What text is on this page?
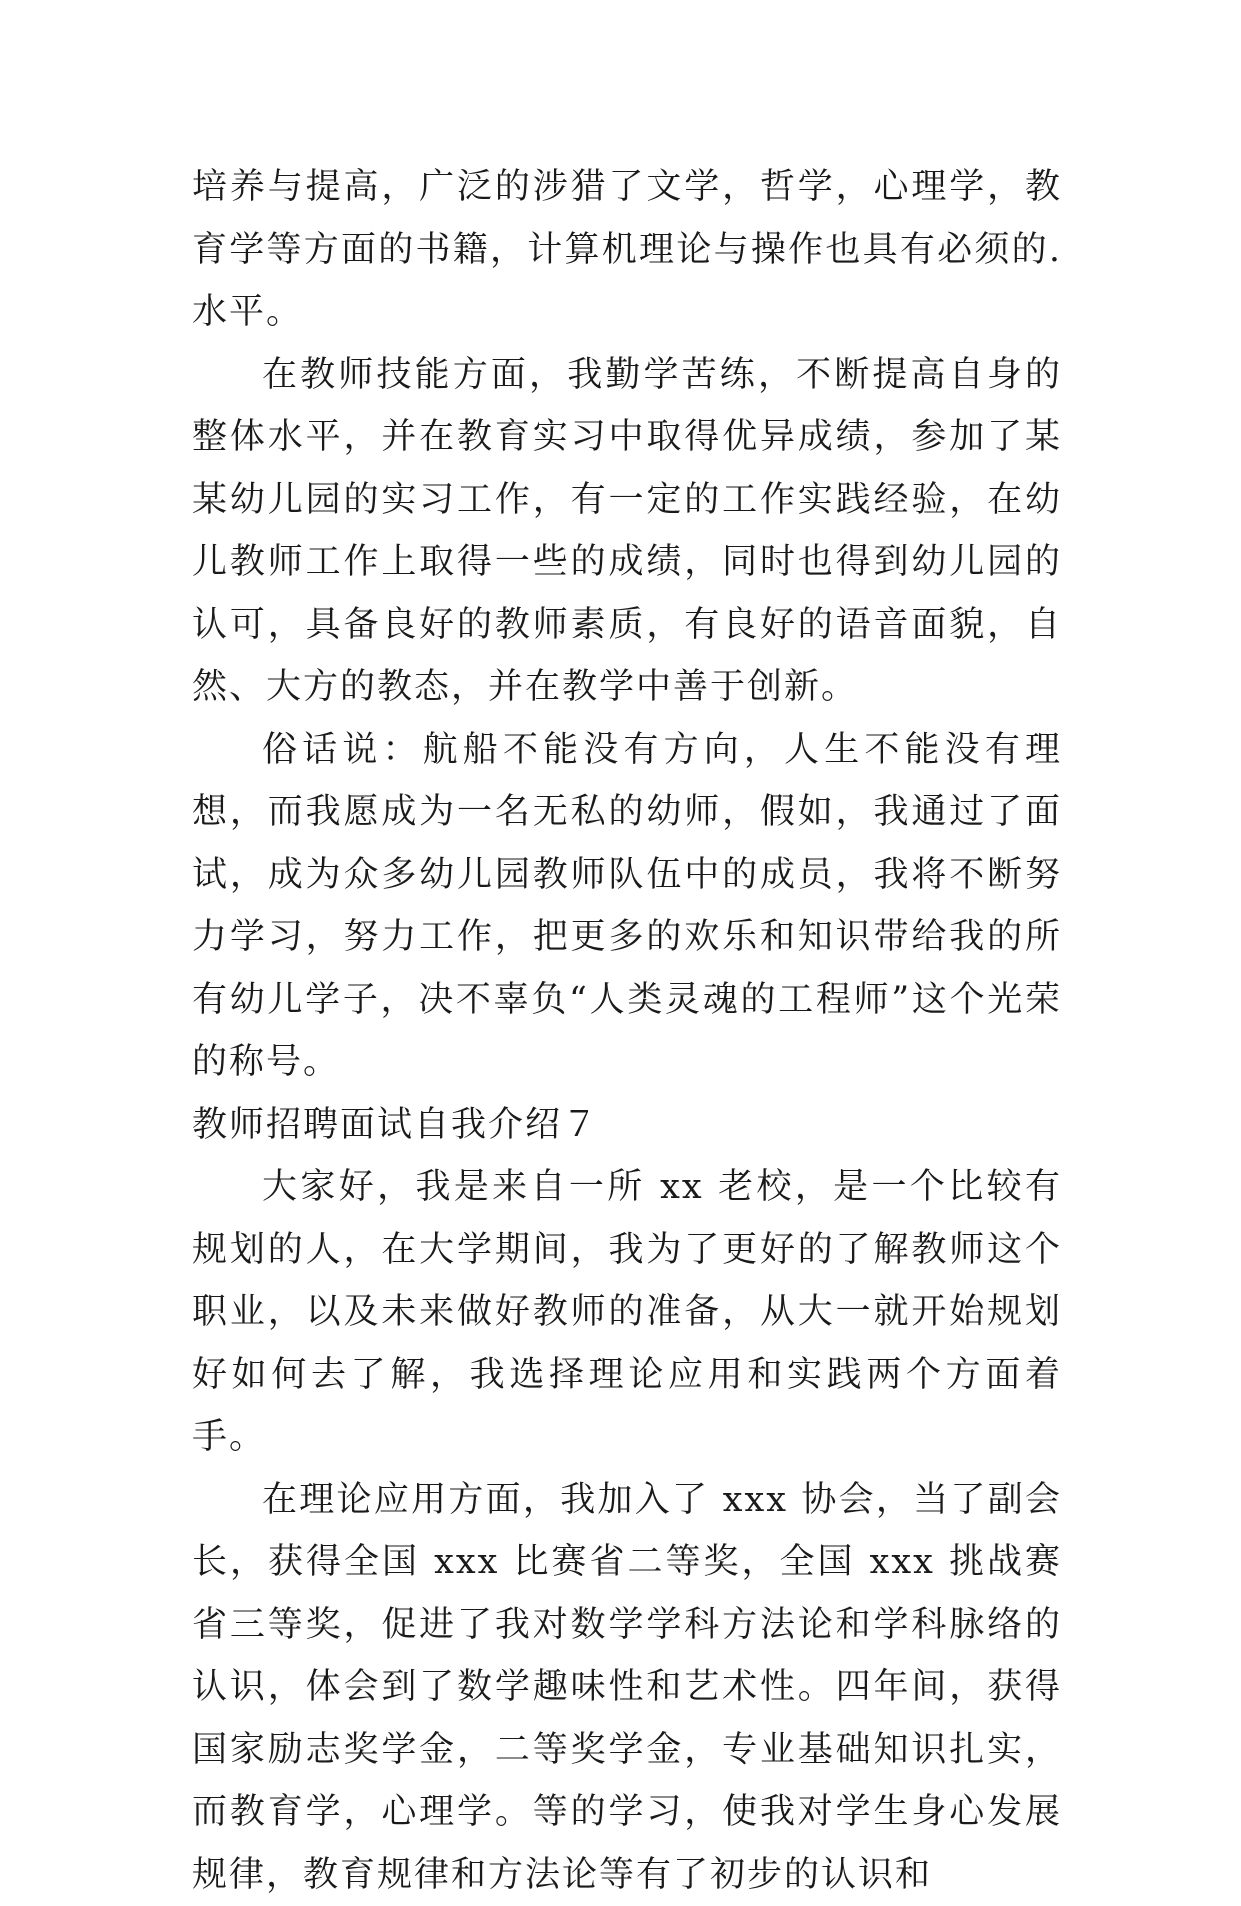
培养与提高，广泛的涉猎了文学，哲学，心理学，教育学等方面的书籍，计算机理论与操作也具有必须的.水平。

在教师技能方面，我勤学苦练，不断提高自身的整体水平，并在教育实习中取得优异成绩，参加了某某幼儿园的实习工作，有一定的工作实践经验，在幼儿教师工作上取得一些的成绩，同时也得到幼儿园的认可，具备良好的教师素质，有良好的语音面貌，自然、大方的教态，并在教学中善于创新。

俗话说：航船不能没有方向，人生不能没有理想，而我愿成为一名无私的幼师，假如，我通过了面试，成为众多幼儿园教师队伍中的成员，我将不断努力学习，努力工作，把更多的欢乐和知识带给我的所有幼儿学子，决不辜负“人类灵魂的工程师”这个光荣的称号。

教师招聘面试自我介绍７

大家好，我是来自一所 xx 老校，是一个比较有规划的人，在大学期间，我为了更好的了解教师这个职业，以及未来做好教师的准备，从大一就开始规划好如何去了解，我选择理论应用和实践两个方面着手。

在理论应用方面，我加入了 xxx 协会，当了副会长，获得全国 xxx 比赛省二等奖，全国 xxx 挑战赛省三等奖，促进了我对数学学科方法论和学科脉络的认识，体会到了数学趣味性和艺术性。四年间，获得国家励志奖学金，二等奖学金，专业基础知识扎实，而教育学，心理学。等的学习，使我对学生身心发展规律，教育规律和方法论等有了初步的认识和
